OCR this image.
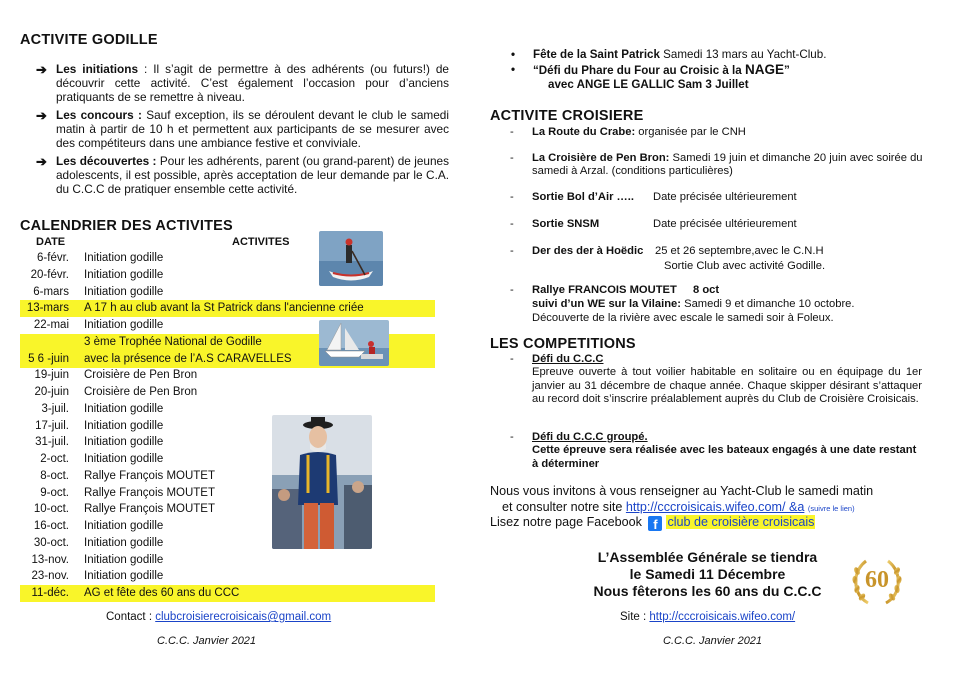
ACTIVITE GODILLE
➔ Les initiations : Il s’agit de permettre à des adhérents (ou futurs!) de découvrir cette activité. C’est également l’occasion pour d’anciens pratiquants de se remettre à niveau.
➔ Les concours : Sauf exception, ils se déroulent devant le club le samedi matin à partir de 10 h et permettent aux participants de se mesurer avec des compétiteurs dans une ambiance festive et conviviale.
➔ Les découvertes : Pour les adhérents, parent (ou grand-parent) de jeunes adolescents, il est possible, après acceptation de leur demande par le C.A. du C.C.C de pratiquer ensemble cette activité.
CALENDRIER DES ACTIVITES
DATE	ACTIVITES
6-févr. Initiation godille
20-févr. Initiation godille
6-mars Initiation godille
13-mars A 17 h au club avant la St Patrick dans l'ancienne criée
22-mai Initiation godille
3 ème Trophée National de Godille
5 6 -juin avec la présence de l’A.S CARAVELLES
19-juin Croisière de Pen Bron
20-juin Croisière de Pen Bron
3-juil. Initiation godille
17-juil. Initiation godille
31-juil. Initiation godille
2-oct. Initiation godille
8-oct. Rallye François MOUTET
9-oct. Rallye François MOUTET
10-oct. Rallye François MOUTET
16-oct. Initiation godille
30-oct. Initiation godille
13-nov. Initiation godille
23-nov. Initiation godille
11-déc. AG et fête des 60 ans du CCC
Contact : clubcroisierecroisicais@gmail.com
C.C.C. Janvier 2021
• Fête de la Saint Patrick Samedi 13 mars au Yacht-Club.
• “Défi du Phare du Four au Croisic à la NAGE”
avec ANGE LE GALLIC Sam 3 Juillet
ACTIVITE CROISIERE
- La Route du Crabe: organisée par le CNH
- La Croisière de Pen Bron: Samedi 19 juin et dimanche 20 juin avec soirée du samedi à Arzal. (conditions particulières)
- Sortie Bol d’Air ….. Date précisée ultérieurement
- Sortie SNSM	Date précisée ultérieurement
- Der des der à Hoëdic 25 et 26 septembre,avec le C.N.H
Sortie Club avec activité Godille.
- Rallye FRANCOIS MOUTET 8 oct
suivi d’un WE sur la Vilaine: Samedi 9 et dimanche 10 octobre.
Découverte de la rivière avec escale le samedi soir à Foleux.
LES COMPETITIONS
- Défi du C.C.C
Epreuve ouverte à tout voilier habitable en solitaire ou en équipage du 1er janvier au 31 décembre de chaque année. Chaque skipper désirant s’attaquer au record doit s’inscrire préalablement auprès du Club de Croisière Croisicais.
- Défi du C.C.C groupé.
Cette épreuve sera réalisée avec les bateaux engagés à une date restant à déterminer
Nous vous invitons à vous renseigner au Yacht-Club le samedi matin
et consulter notre site http://cccroisicais.wifeo.com/ &a (suivre le lien)
Lisez notre page Facebook f club de croisière croisicais
L’Assemblée Générale se tiendra
le Samedi 11 Décembre
Nous fêterons les 60 ans du C.C.C	60
Site : http://cccroisicais.wifeo.com/
C.C.C. Janvier 2021
